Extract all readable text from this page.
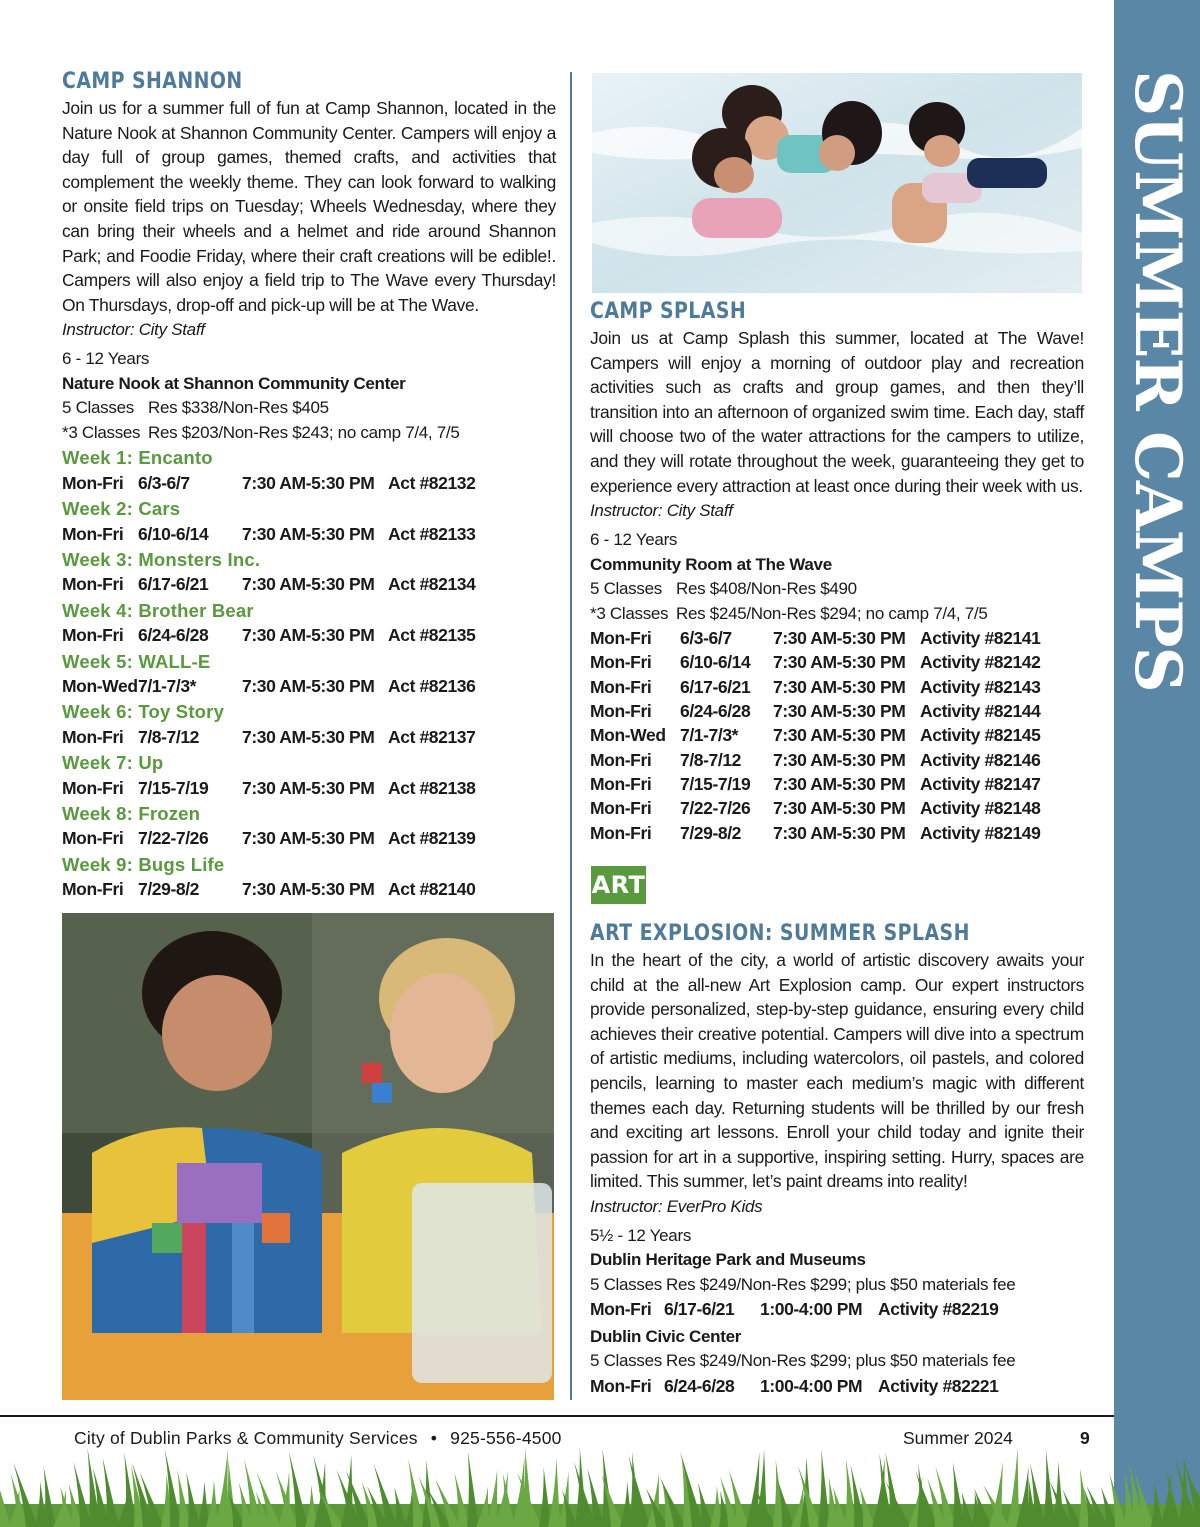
SUMMER CAMPS
CAMP SHANNON
Join us for a summer full of fun at Camp Shannon, located in the Nature Nook at Shannon Community Center. Campers will enjoy a day full of group games, themed crafts, and activities that complement the weekly theme. They can look forward to walking or onsite field trips on Tuesday; Wheels Wednesday, where they can bring their wheels and a helmet and ride around Shannon Park; and Foodie Friday, where their craft creations will be edible!. Campers will also enjoy a field trip to The Wave every Thursday! On Thursdays, drop-off and pick-up will be at The Wave.
Instructor: City Staff
6 - 12 Years
Nature Nook at Shannon Community Center
5 Classes Res $338/Non-Res $405
*3 Classes Res $203/Non-Res $243; no camp 7/4, 7/5
Week 1: Encanto
Mon-Fri 6/3-6/7	7:30 AM-5:30 PM Act #82132
Week 2: Cars
Mon-Fri 6/10-6/14	7:30 AM-5:30 PM Act #82133
Week 3: Monsters Inc.
Mon-Fri 6/17-6/21	7:30 AM-5:30 PM Act #82134
Week 4: Brother Bear
Mon-Fri 6/24-6/28	7:30 AM-5:30 PM Act #82135
Week 5: WALL-E
Mon-Wed 7/1-7/3*	7:30 AM-5:30 PM Act #82136
Week 6: Toy Story
Mon-Fri 7/8-7/12	7:30 AM-5:30 PM Act #82137
Week 7: Up
Mon-Fri 7/15-7/19	7:30 AM-5:30 PM Act #82138
Week 8: Frozen
Mon-Fri 7/22-7/26	7:30 AM-5:30 PM Act #82139
Week 9: Bugs Life
Mon-Fri 7/29-8/2	7:30 AM-5:30 PM Act #82140
CAMP SPLASH
Join us at Camp Splash this summer, located at The Wave! Campers will enjoy a morning of outdoor play and recreation activities such as crafts and group games, and then they’ll transition into an afternoon of organized swim time. Each day, staff will choose two of the water attractions for the campers to utilize, and they will rotate throughout the week, guaranteeing they get to experience every attraction at least once during their week with us.
Instructor: City Staff
6 - 12 Years
Community Room at The Wave
5 Classes Res $408/Non-Res $490
*3 Classes Res $245/Non-Res $294; no camp 7/4, 7/5
Mon-Fri	6/3-6/7	7:30 AM-5:30 PM Activity #82141
Mon-Fri	6/10-6/14	7:30 AM-5:30 PM Activity #82142
Mon-Fri	6/17-6/21	7:30 AM-5:30 PM Activity #82143
Mon-Fri	6/24-6/28	7:30 AM-5:30 PM Activity #82144
Mon-Wed 7/1-7/3*	7:30 AM-5:30 PM Activity #82145
Mon-Fri	7/8-7/12	7:30 AM-5:30 PM Activity #82146
Mon-Fri	7/15-7/19	7:30 AM-5:30 PM Activity #82147
Mon-Fri	7/22-7/26	7:30 AM-5:30 PM Activity #82148
Mon-Fri	7/29-8/2	7:30 AM-5:30 PM Activity #82149
ART
ART EXPLOSION: SUMMER SPLASH
In the heart of the city, a world of artistic discovery awaits your child at the all-new Art Explosion camp. Our expert instructors provide personalized, step-by-step guidance, ensuring every child achieves their creative potential. Campers will dive into a spectrum of artistic mediums, including watercolors, oil pastels, and colored pencils, learning to master each medium’s magic with different themes each day. Returning students will be thrilled by our fresh and exciting art lessons. Enroll your child today and ignite their passion for art in a supportive, inspiring setting. Hurry, spaces are limited. This summer, let’s paint dreams into reality!
Instructor: EverPro Kids
5½ - 12 Years
Dublin Heritage Park and Museums
5 Classes Res $249/Non-Res $299; plus $50 materials fee
Mon-Fri 6/17-6/21	1:00-4:00 PM Activity #82219
Dublin Civic Center
5 Classes Res $249/Non-Res $299; plus $50 materials fee
Mon-Fri 6/24-6/28	1:00-4:00 PM Activity #82221
City of Dublin Parks & Community Services • 925-556-4500	Summer 2024	9
